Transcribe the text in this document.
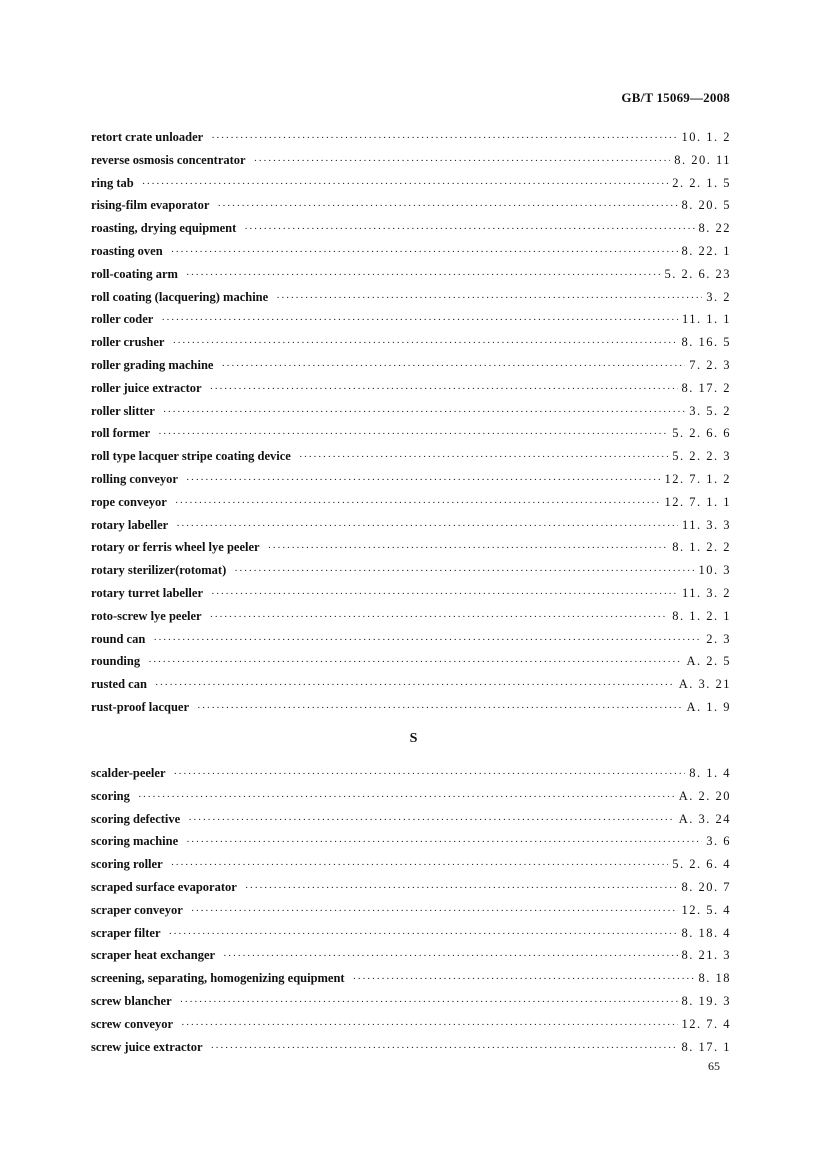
GB/T 15069—2008
retort crate unloader ·····	10. 1. 2
reverse osmosis concentrator ·····	8. 20. 11
ring tab ·····	2. 2. 1. 5
rising-film evaporator ·····	8. 20. 5
roasting, drying equipment ·····	8. 22
roasting oven ·····	8. 22. 1
roll-coating arm ·····	5. 2. 6. 23
roll coating (lacquering) machine ·····	3. 2
roller coder ·····	11. 1. 1
roller crusher ·····	8. 16. 5
roller grading machine ·····	7. 2. 3
roller juice extractor ·····	8. 17. 2
roller slitter ·····	3. 5. 2
roll former ·····	5. 2. 6. 6
roll type lacquer stripe coating device ·····	5. 2. 2. 3
rolling conveyor ·····	12. 7. 1. 2
rope conveyor ·····	12. 7. 1. 1
rotary labeller ·····	11. 3. 3
rotary or ferris wheel lye peeler ·····	8. 1. 2. 2
rotary sterilizer(rotomat) ·····	10. 3
rotary turret labeller ·····	11. 3. 2
roto-screw lye peeler ·····	8. 1. 2. 1
round can ·····	2. 3
rounding ·····	A. 2. 5
rusted can ·····	A. 3. 21
rust-proof lacquer ·····	A. 1. 9
S
scalder-peeler ·····	8. 1. 4
scoring ·····	A. 2. 20
scoring defective ·····	A. 3. 24
scoring machine ·····	3. 6
scoring roller ·····	5. 2. 6. 4
scraped surface evaporator ·····	8. 20. 7
scraper conveyor ·····	12. 5. 4
scraper filter ·····	8. 18. 4
scraper heat exchanger ·····	8. 21. 3
screening, separating, homogenizing equipment ·····	8. 18
screw blancher ·····	8. 19. 3
screw conveyor ·····	12. 7. 4
screw juice extractor ·····	8. 17. 1
65
